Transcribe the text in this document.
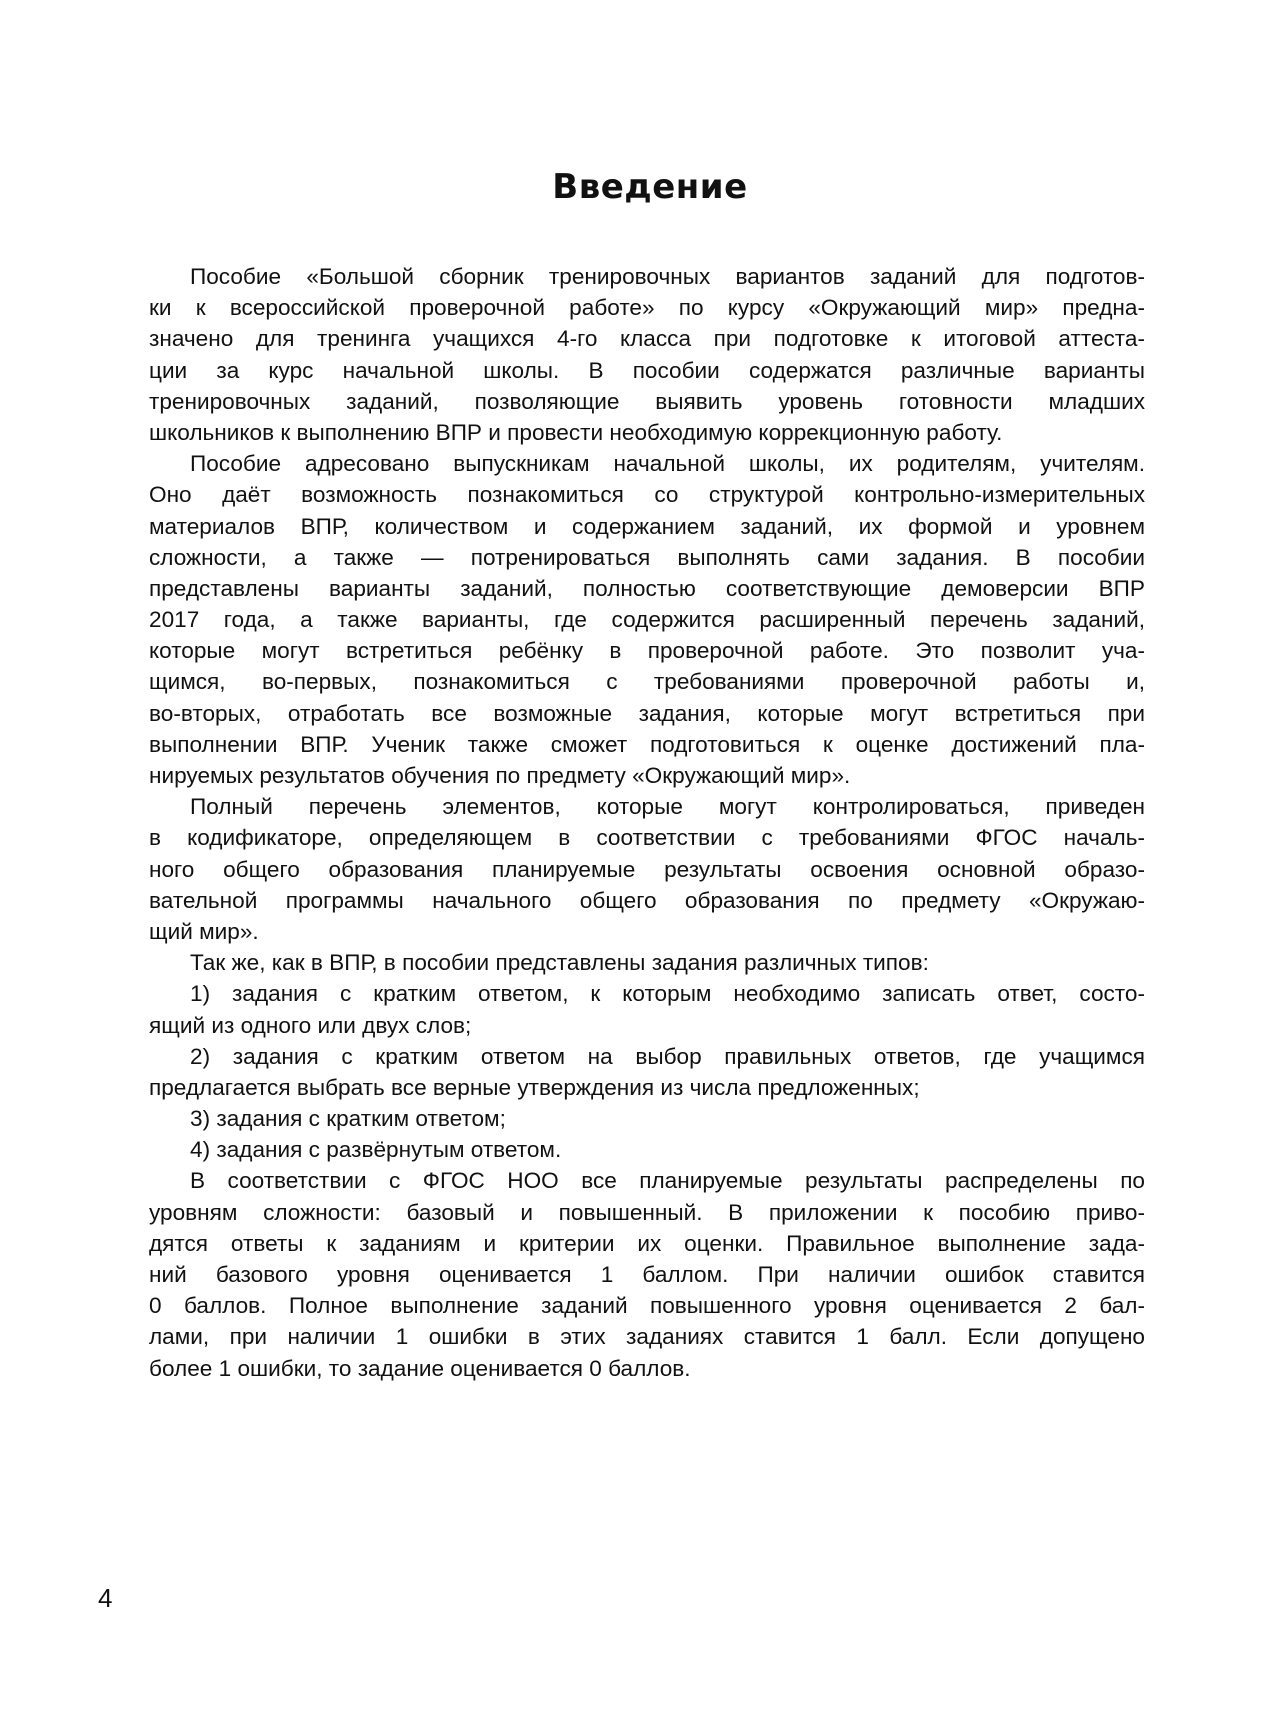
Введение
Пособие «Большой сборник тренировочных вариантов заданий для подготов-
ки к всероссийской проверочной работе» по курсу «Окружающий мир» предна-
значено для тренинга учащихся 4-го класса при подготовке к итоговой аттеста-
ции за курс начальной школы. В пособии содержатся различные варианты
тренировочных заданий, позволяющие выявить уровень готовности младших
школьников к выполнению ВПР и провести необходимую коррекционную работу.
Пособие адресовано выпускникам начальной школы, их родителям, учителям.
Оно даёт возможность познакомиться со структурой контрольно-измерительных
материалов ВПР, количеством и содержанием заданий, их формой и уровнем
сложности, а также — потренироваться выполнять сами задания. В пособии
представлены варианты заданий, полностью соответствующие демоверсии ВПР
2017 года, а также варианты, где содержится расширенный перечень заданий,
которые могут встретиться ребёнку в проверочной работе. Это позволит уча-
щимся, во-первых, познакомиться с требованиями проверочной работы и,
во-вторых, отработать все возможные задания, которые могут встретиться при
выполнении ВПР. Ученик также сможет подготовиться к оценке достижений пла-
нируемых результатов обучения по предмету «Окружающий мир».
Полный перечень элементов, которые могут контролироваться, приведен
в кодификаторе, определяющем в соответствии с требованиями ФГОС началь-
ного общего образования планируемые результаты освоения основной образо-
вательной программы начального общего образования по предмету «Окружаю-
щий мир».
Так же, как в ВПР, в пособии представлены задания различных типов:
1) задания с кратким ответом, к которым необходимо записать ответ, состо-
ящий из одного или двух слов;
2) задания с кратким ответом на выбор правильных ответов, где учащимся
предлагается выбрать все верные утверждения из числа предложенных;
3) задания с кратким ответом;
4) задания с развёрнутым ответом.
В соответствии с ФГОС НОО все планируемые результаты распределены по
уровням сложности: базовый и повышенный. В приложении к пособию приво-
дятся ответы к заданиям и критерии их оценки. Правильное выполнение зада-
ний базового уровня оценивается 1 баллом. При наличии ошибок ставится
0 баллов. Полное выполнение заданий повышенного уровня оценивается 2 бал-
лами, при наличии 1 ошибки в этих заданиях ставится 1 балл. Если допущено
более 1 ошибки, то задание оценивается 0 баллов.
4
